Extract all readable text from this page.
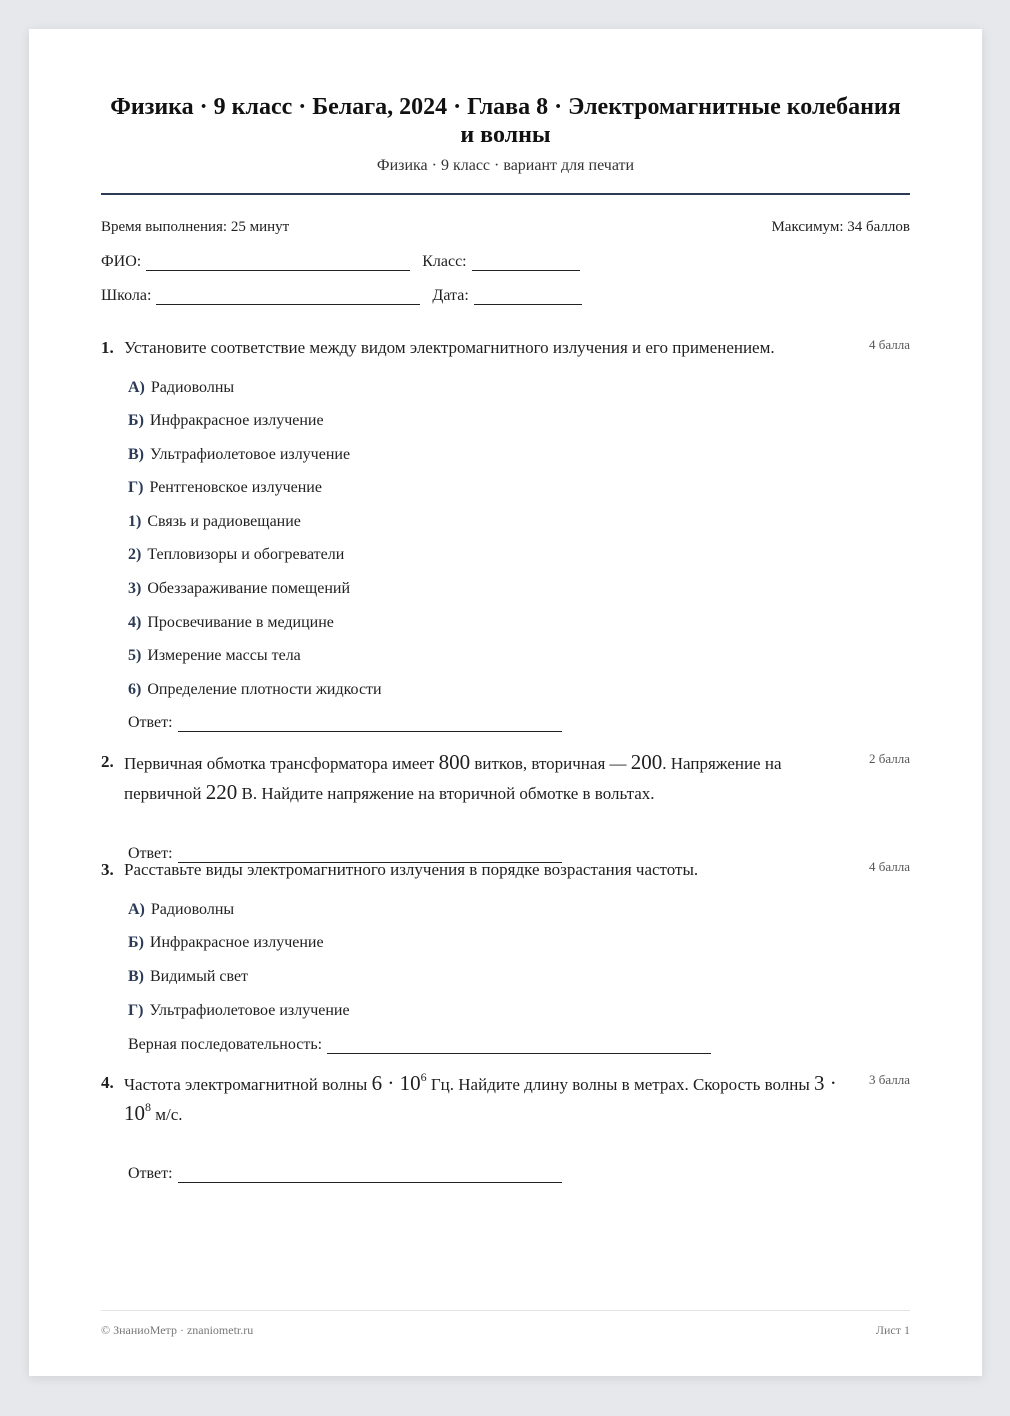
Физика · 9 класс · Белага, 2024 · Глава 8 · Электромагнитные колебания и волны
Физика · 9 класс · вариант для печати
Время выполнения: 25 минут	Максимум: 34 баллов
ФИО:	Класс:
Школа:	Дата:
1. Установите соответствие между видом электромагнитного излучения и его применением.	4 балла
А) Радиоволны
Б) Инфракрасное излучение
В) Ультрафиолетовое излучение
Г) Рентгеновское излучение
1) Связь и радиовещание
2) Тепловизоры и обогреватели
3) Обеззараживание помещений
4) Просвечивание в медицине
5) Измерение массы тела
6) Определение плотности жидкости
Ответ:
2. Первичная обмотка трансформатора имеет 800 витков, вторичная — 200. Напряжение на первичной 220 В. Найдите напряжение на вторичной обмотке в вольтах.
2 балла
Ответ:
3. Расставьте виды электромагнитного излучения в порядке возрастания частоты.	4 балла
А) Радиоволны
Б) Инфракрасное излучение
В) Видимый свет
Г) Ультрафиолетовое излучение
Верная последовательность:
4. Частота электромагнитной волны $6 \cdot 10^6$ Гц. Найдите длину волны в метрах. Скорость волны $3 \cdot 10^8$ м/с.
3 балла
Ответ:
© ЗнаниоМетр · znaniometr.ru	Лист 1
